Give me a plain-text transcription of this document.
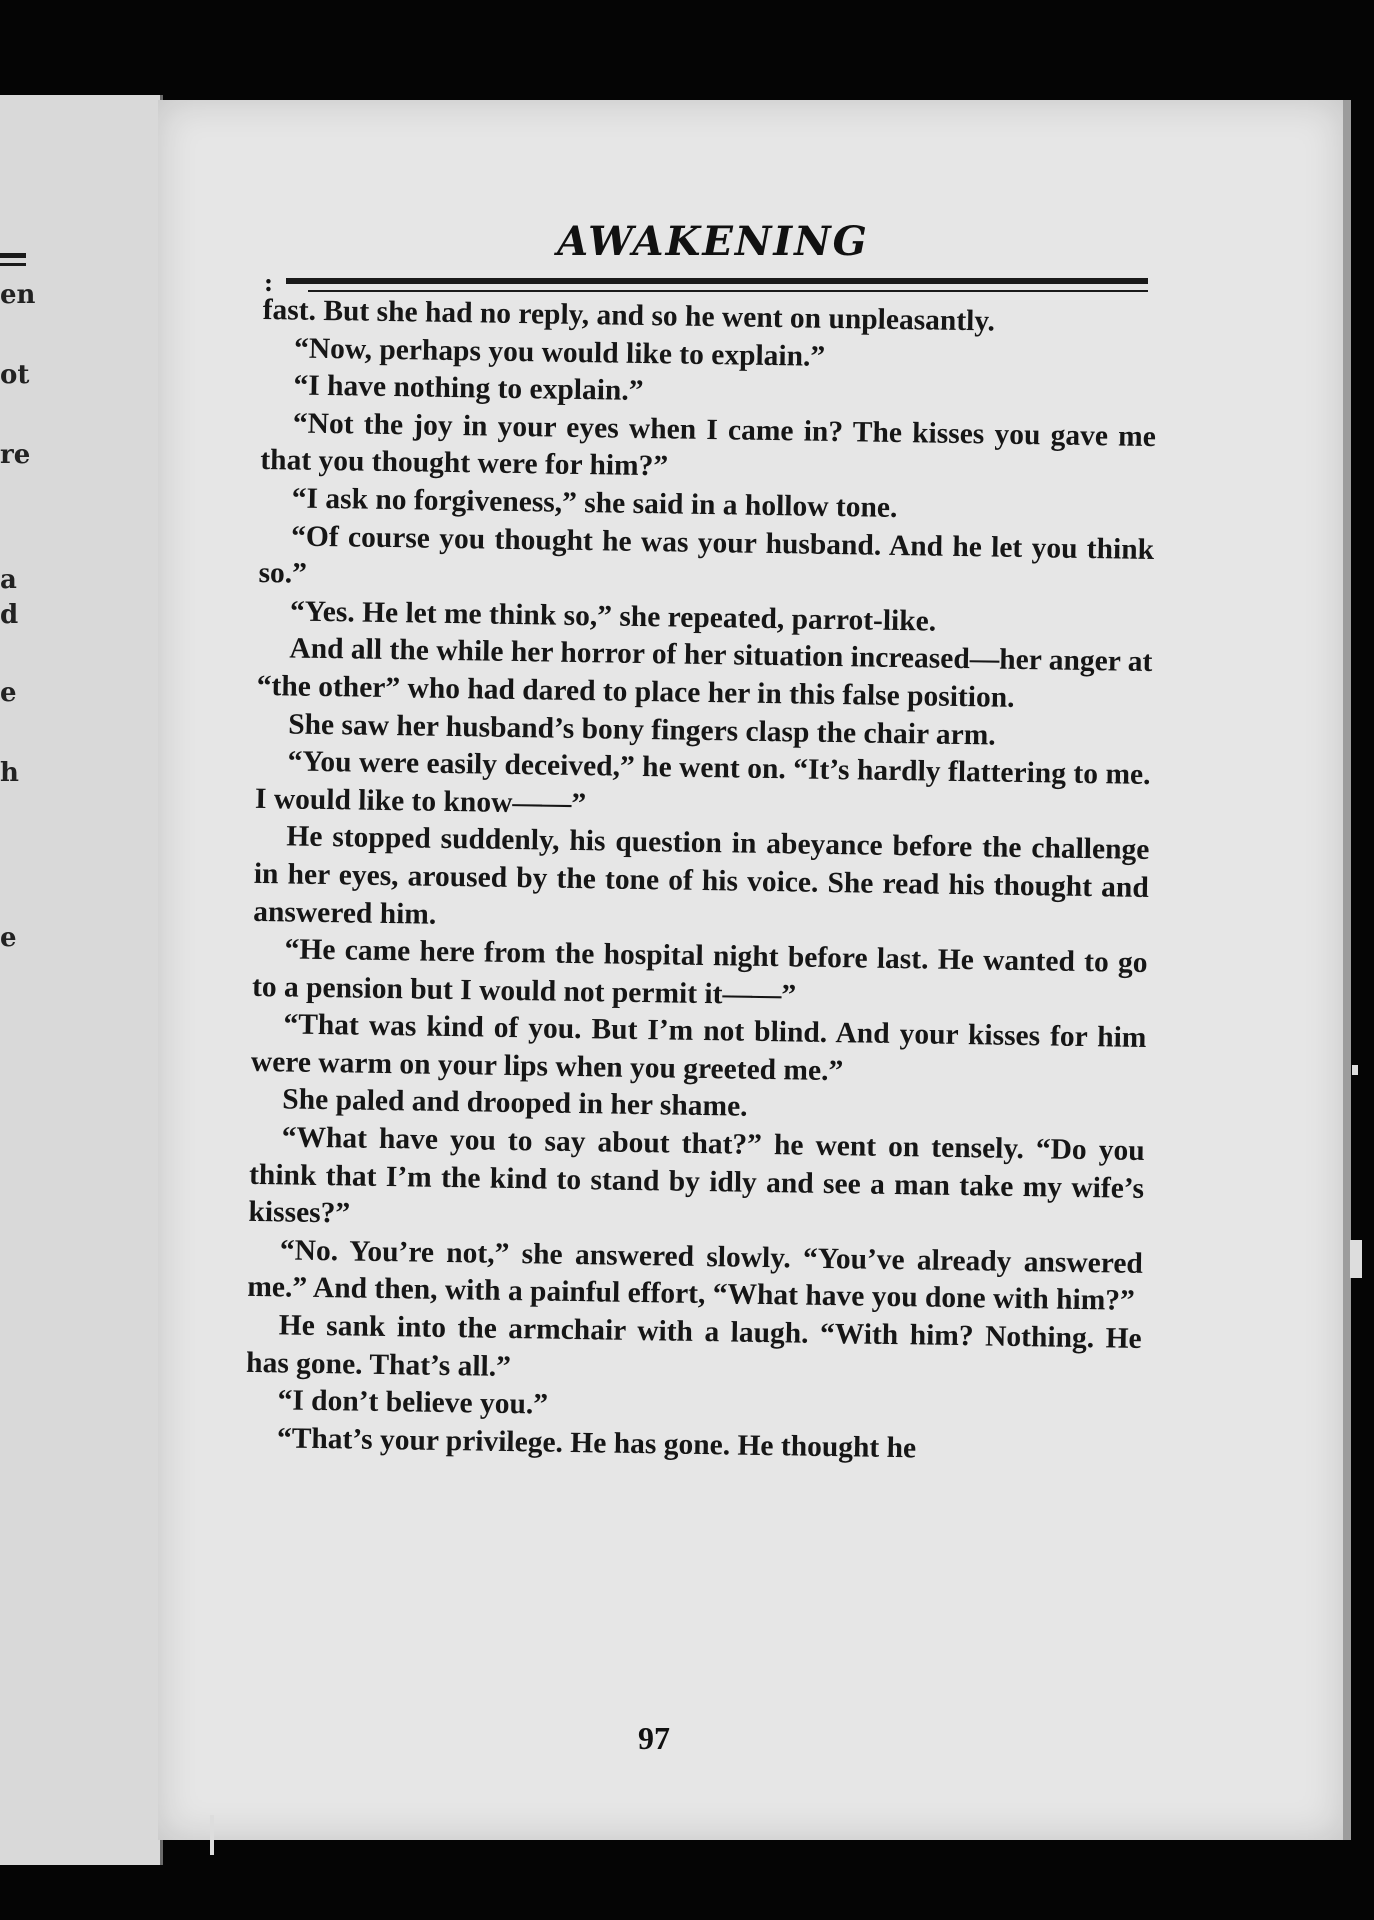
en
ot
re
a
d
e
h
e
AWAKENING
:

fast. But she had no reply, and so he went on unpleasantly.

“Now, perhaps you would like to explain.”

“I have nothing to explain.”

“Not the joy in your eyes when I came in? The kisses you gave me that you thought were for him?”

“I ask no forgiveness,” she said in a hollow tone.

“Of course you thought he was your husband. And he let you think so.”

“Yes. He let me think so,” she repeated, parrot-like.

And all the while her horror of her situation increased—her anger at “the other” who had dared to place her in this false position.

She saw her husband’s bony fingers clasp the chair arm.

“You were easily deceived,” he went on. “It’s hardly flattering to me. I would like to know——”

He stopped suddenly, his question in abeyance before the challenge in her eyes, aroused by the tone of his voice. She read his thought and answered him.

“He came here from the hospital night before last. He wanted to go to a pension but I would not permit it——”

“That was kind of you. But I’m not blind. And your kisses for him were warm on your lips when you greeted me.”

She paled and drooped in her shame.

“What have you to say about that?” he went on tensely. “Do you think that I’m the kind to stand by idly and see a man take my wife’s kisses?”

“No. You’re not,” she answered slowly. “You’ve already answered me.” And then, with a painful effort, “What have you done with him?”

He sank into the armchair with a laugh. “With him? Nothing. He has gone. That’s all.”

“I don’t believe you.”

“That’s your privilege. He has gone. He thought he

97
